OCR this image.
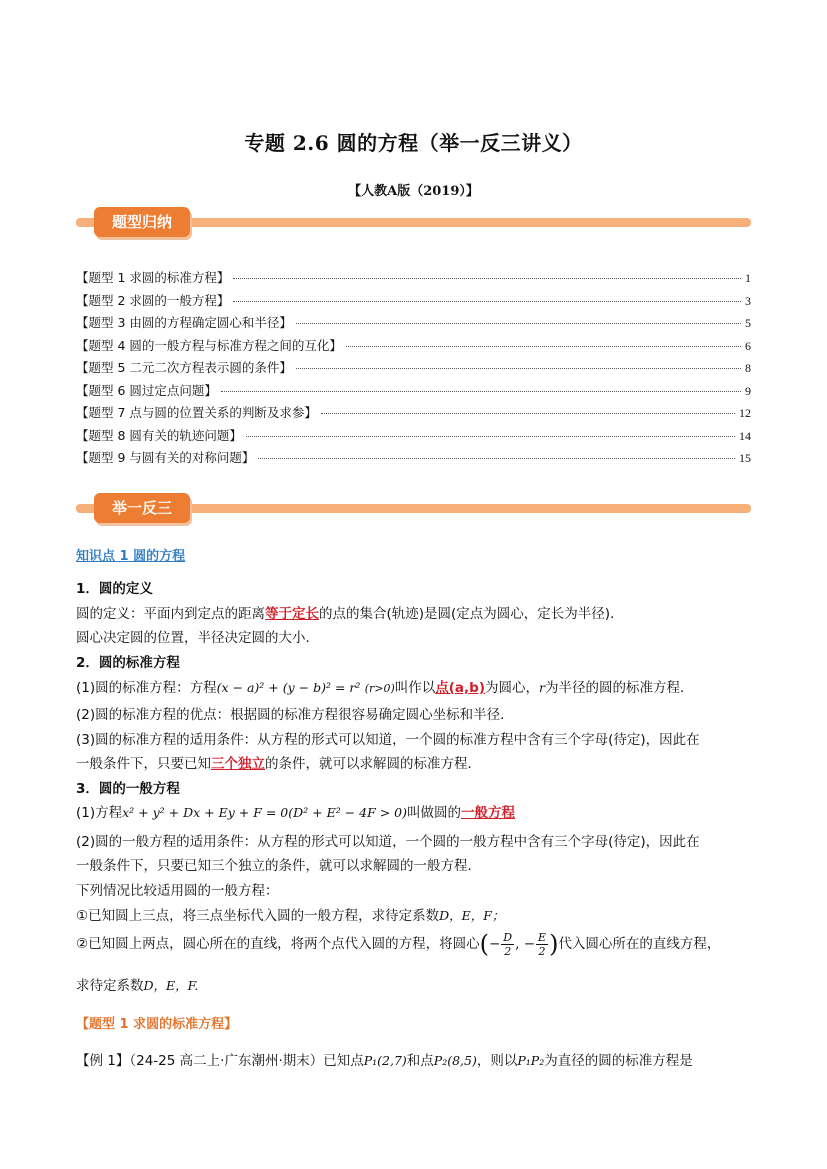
专题 2.6 圆的方程（举一反三讲义）
【人教A版（2019）】
题型归纳
【题型 1 求圆的标准方程】	1
【题型 2 求圆的一般方程】	3
【题型 3 由圆的方程确定圆心和半径】	5
【题型 4 圆的一般方程与标准方程之间的互化】	6
【题型 5 二元二次方程表示圆的条件】	8
【题型 6 圆过定点问题】	9
【题型 7 点与圆的位置关系的判断及求参】	12
【题型 8 圆有关的轨迹问题】	14
【题型 9 与圆有关的对称问题】	15
举一反三
知识点 1 圆的方程
1．圆的定义
圆的定义：平面内到定点的距离等于定长的点的集合(轨迹)是圆(定点为圆心，定长为半径)．
圆心决定圆的位置，半径决定圆的大小．
2．圆的标准方程
(1)圆的标准方程：方程(x − a)² + (y − b)² = r² (r>0)叫作以点(a,b)为圆心，r为半径的圆的标准方程．
(2)圆的标准方程的优点：根据圆的标准方程很容易确定圆心坐标和半径．
(3)圆的标准方程的适用条件：从方程的形式可以知道，一个圆的标准方程中含有三个字母(待定)，因此在
一般条件下，只要已知三个独立的条件，就可以求解圆的标准方程．
3．圆的一般方程
(1)方程x² + y² + Dx + Ey + F = 0(D² + E² − 4F > 0)叫做圆的一般方程
(2)圆的一般方程的适用条件：从方程的形式可以知道，一个圆的一般方程中含有三个字母(待定)，因此在
一般条件下，只要已知三个独立的条件，就可以求解圆的一般方程．
下列情况比较适用圆的一般方程：
①已知圆上三点，将三点坐标代入圆的一般方程，求待定系数D，E，F；
②已知圆上两点，圆心所在的直线，将两个点代入圆的方程，将圆心(− $\frac{D}{2}$ , − $\frac{E}{2}$ )代入圆心所在的直线方程，
求待定系数D，E，F.
【题型 1 求圆的标准方程】
【例 1】（24-25 高二上·广东潮州·期末）已知点P₁(2,7)和点P₂(8,5)，则以P₁P₂为直径的圆的标准方程是
